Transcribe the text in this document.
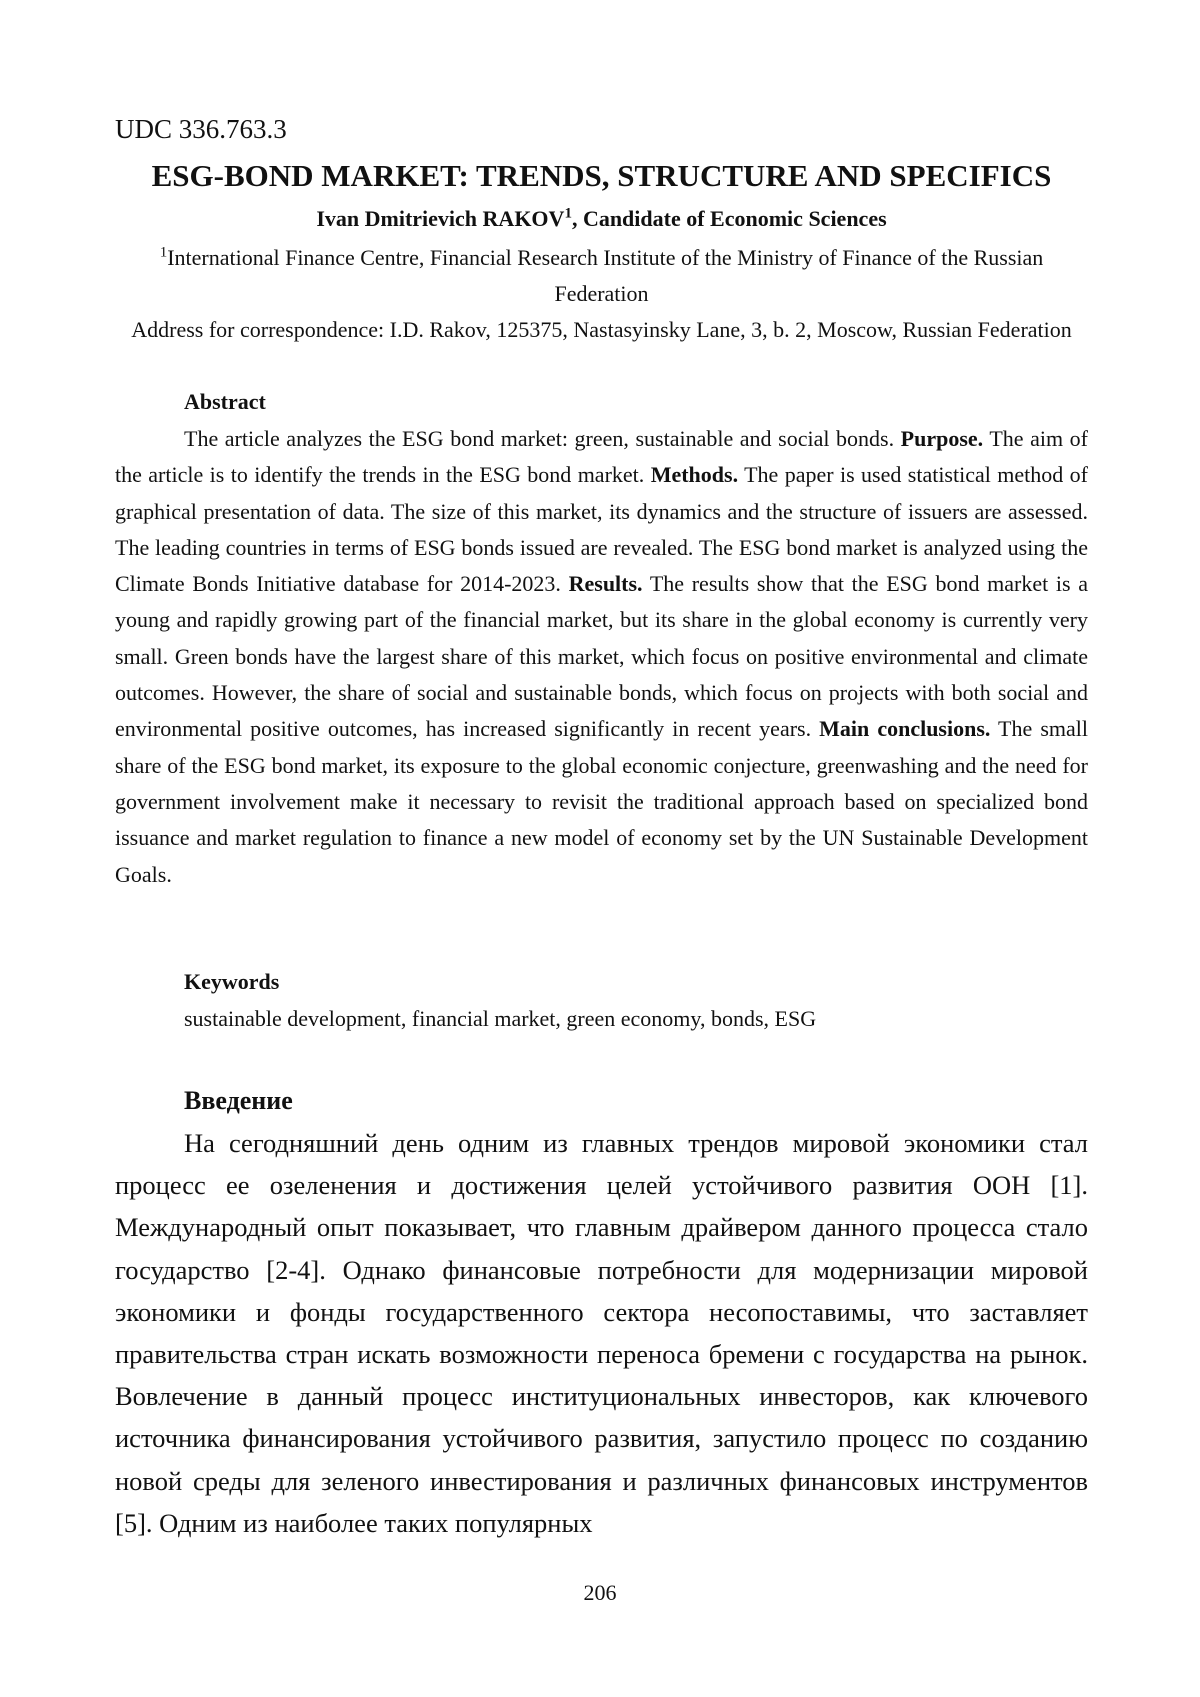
UDC 336.763.3
ESG-BOND MARKET: TRENDS, STRUCTURE AND SPECIFICS
Ivan Dmitrievich RAKOV$^1$, Candidate of Economic Sciences

$^1$International Finance Centre, Financial Research Institute of the Ministry of Finance of the Russian Federation

Address for correspondence: I.D. Rakov, 125375, Nastasyinsky Lane, 3, b. 2, Moscow, Russian Federation

Abstract

The article analyzes the ESG bond market: green, sustainable and social bonds. Purpose. The aim of the article is to identify the trends in the ESG bond market. Methods. The paper is used statistical method of graphical presentation of data. The size of this market, its dynamics and the structure of issuers are assessed. The leading countries in terms of ESG bonds issued are revealed. The ESG bond market is analyzed using the Climate Bonds Initiative database for 2014-2023. Results. The results show that the ESG bond market is a young and rapidly growing part of the financial market, but its share in the global economy is currently very small. Green bonds have the largest share of this market, which focus on positive environmental and climate outcomes. However, the share of social and sustainable bonds, which focus on projects with both social and environmental positive outcomes, has increased significantly in recent years. Main conclusions. The small share of the ESG bond market, its exposure to the global economic conjecture, greenwashing and the need for government involvement make it necessary to revisit the traditional approach based on specialized bond issuance and market regulation to finance a new model of economy set by the UN Sustainable Development Goals.

Keywords
sustainable development, financial market, green economy, bonds, ESG
Введение

На сегодняшний день одним из главных трендов мировой экономики стал процесс ее озеленения и достижения целей устойчивого развития ООН [1]. Международный опыт показывает, что главным драйвером данного процесса стало государство [2-4]. Однако финансовые потребности для модернизации мировой экономики и фонды государственного сектора несопоставимы, что заставляет правительства стран искать возможности переноса бремени с государства на рынок. Вовлечение в данный процесс институциональных инвесторов, как ключевого источника финансирования устойчивого развития, запустило процесс по созданию новой среды для зеленого инвестирования и различных финансовых инструментов [5]. Одним из наиболее таких популярных

206
